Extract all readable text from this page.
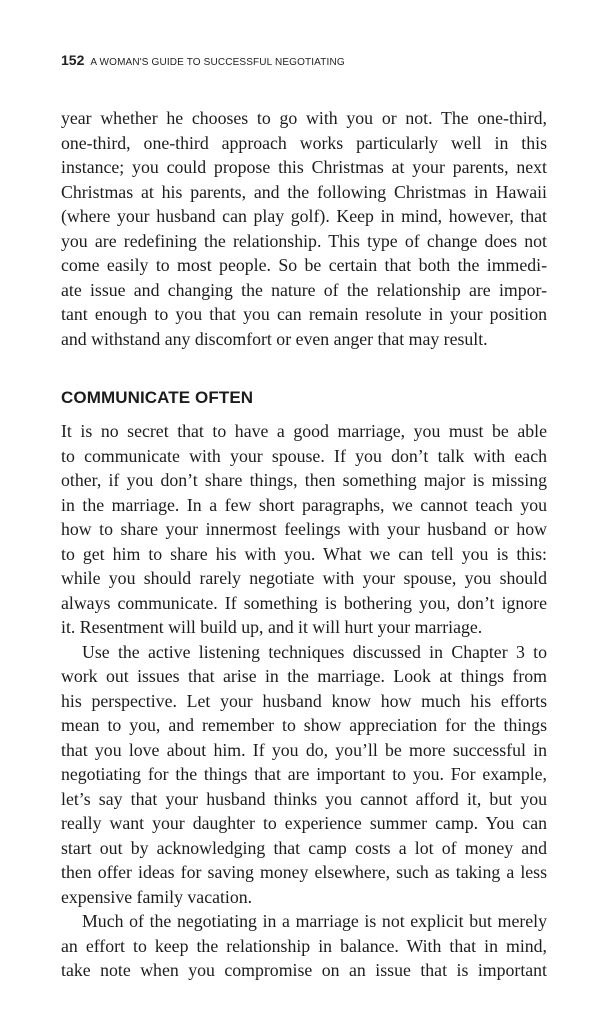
152 A WOMAN'S GUIDE TO SUCCESSFUL NEGOTIATING
year whether he chooses to go with you or not. The one-third,
one-third, one-third approach works particularly well in this
instance; you could propose this Christmas at your parents, next
Christmas at his parents, and the following Christmas in Hawaii
(where your husband can play golf). Keep in mind, however, that
you are redefining the relationship. This type of change does not
come easily to most people. So be certain that both the immedi-
ate issue and changing the nature of the relationship are impor-
tant enough to you that you can remain resolute in your position
and withstand any discomfort or even anger that may result.
COMMUNICATE OFTEN
It is no secret that to have a good marriage, you must be able
to communicate with your spouse. If you don’t talk with each
other, if you don’t share things, then something major is missing
in the marriage. In a few short paragraphs, we cannot teach you
how to share your innermost feelings with your husband or how
to get him to share his with you. What we can tell you is this:
while you should rarely negotiate with your spouse, you should
always communicate. If something is bothering you, don’t ignore
it. Resentment will build up, and it will hurt your marriage.
Use the active listening techniques discussed in Chapter 3 to
work out issues that arise in the marriage. Look at things from
his perspective. Let your husband know how much his efforts
mean to you, and remember to show appreciation for the things
that you love about him. If you do, you’ll be more successful in
negotiating for the things that are important to you. For example,
let’s say that your husband thinks you cannot afford it, but you
really want your daughter to experience summer camp. You can
start out by acknowledging that camp costs a lot of money and
then offer ideas for saving money elsewhere, such as taking a less
expensive family vacation.
Much of the negotiating in a marriage is not explicit but merely
an effort to keep the relationship in balance. With that in mind,
take note when you compromise on an issue that is important
